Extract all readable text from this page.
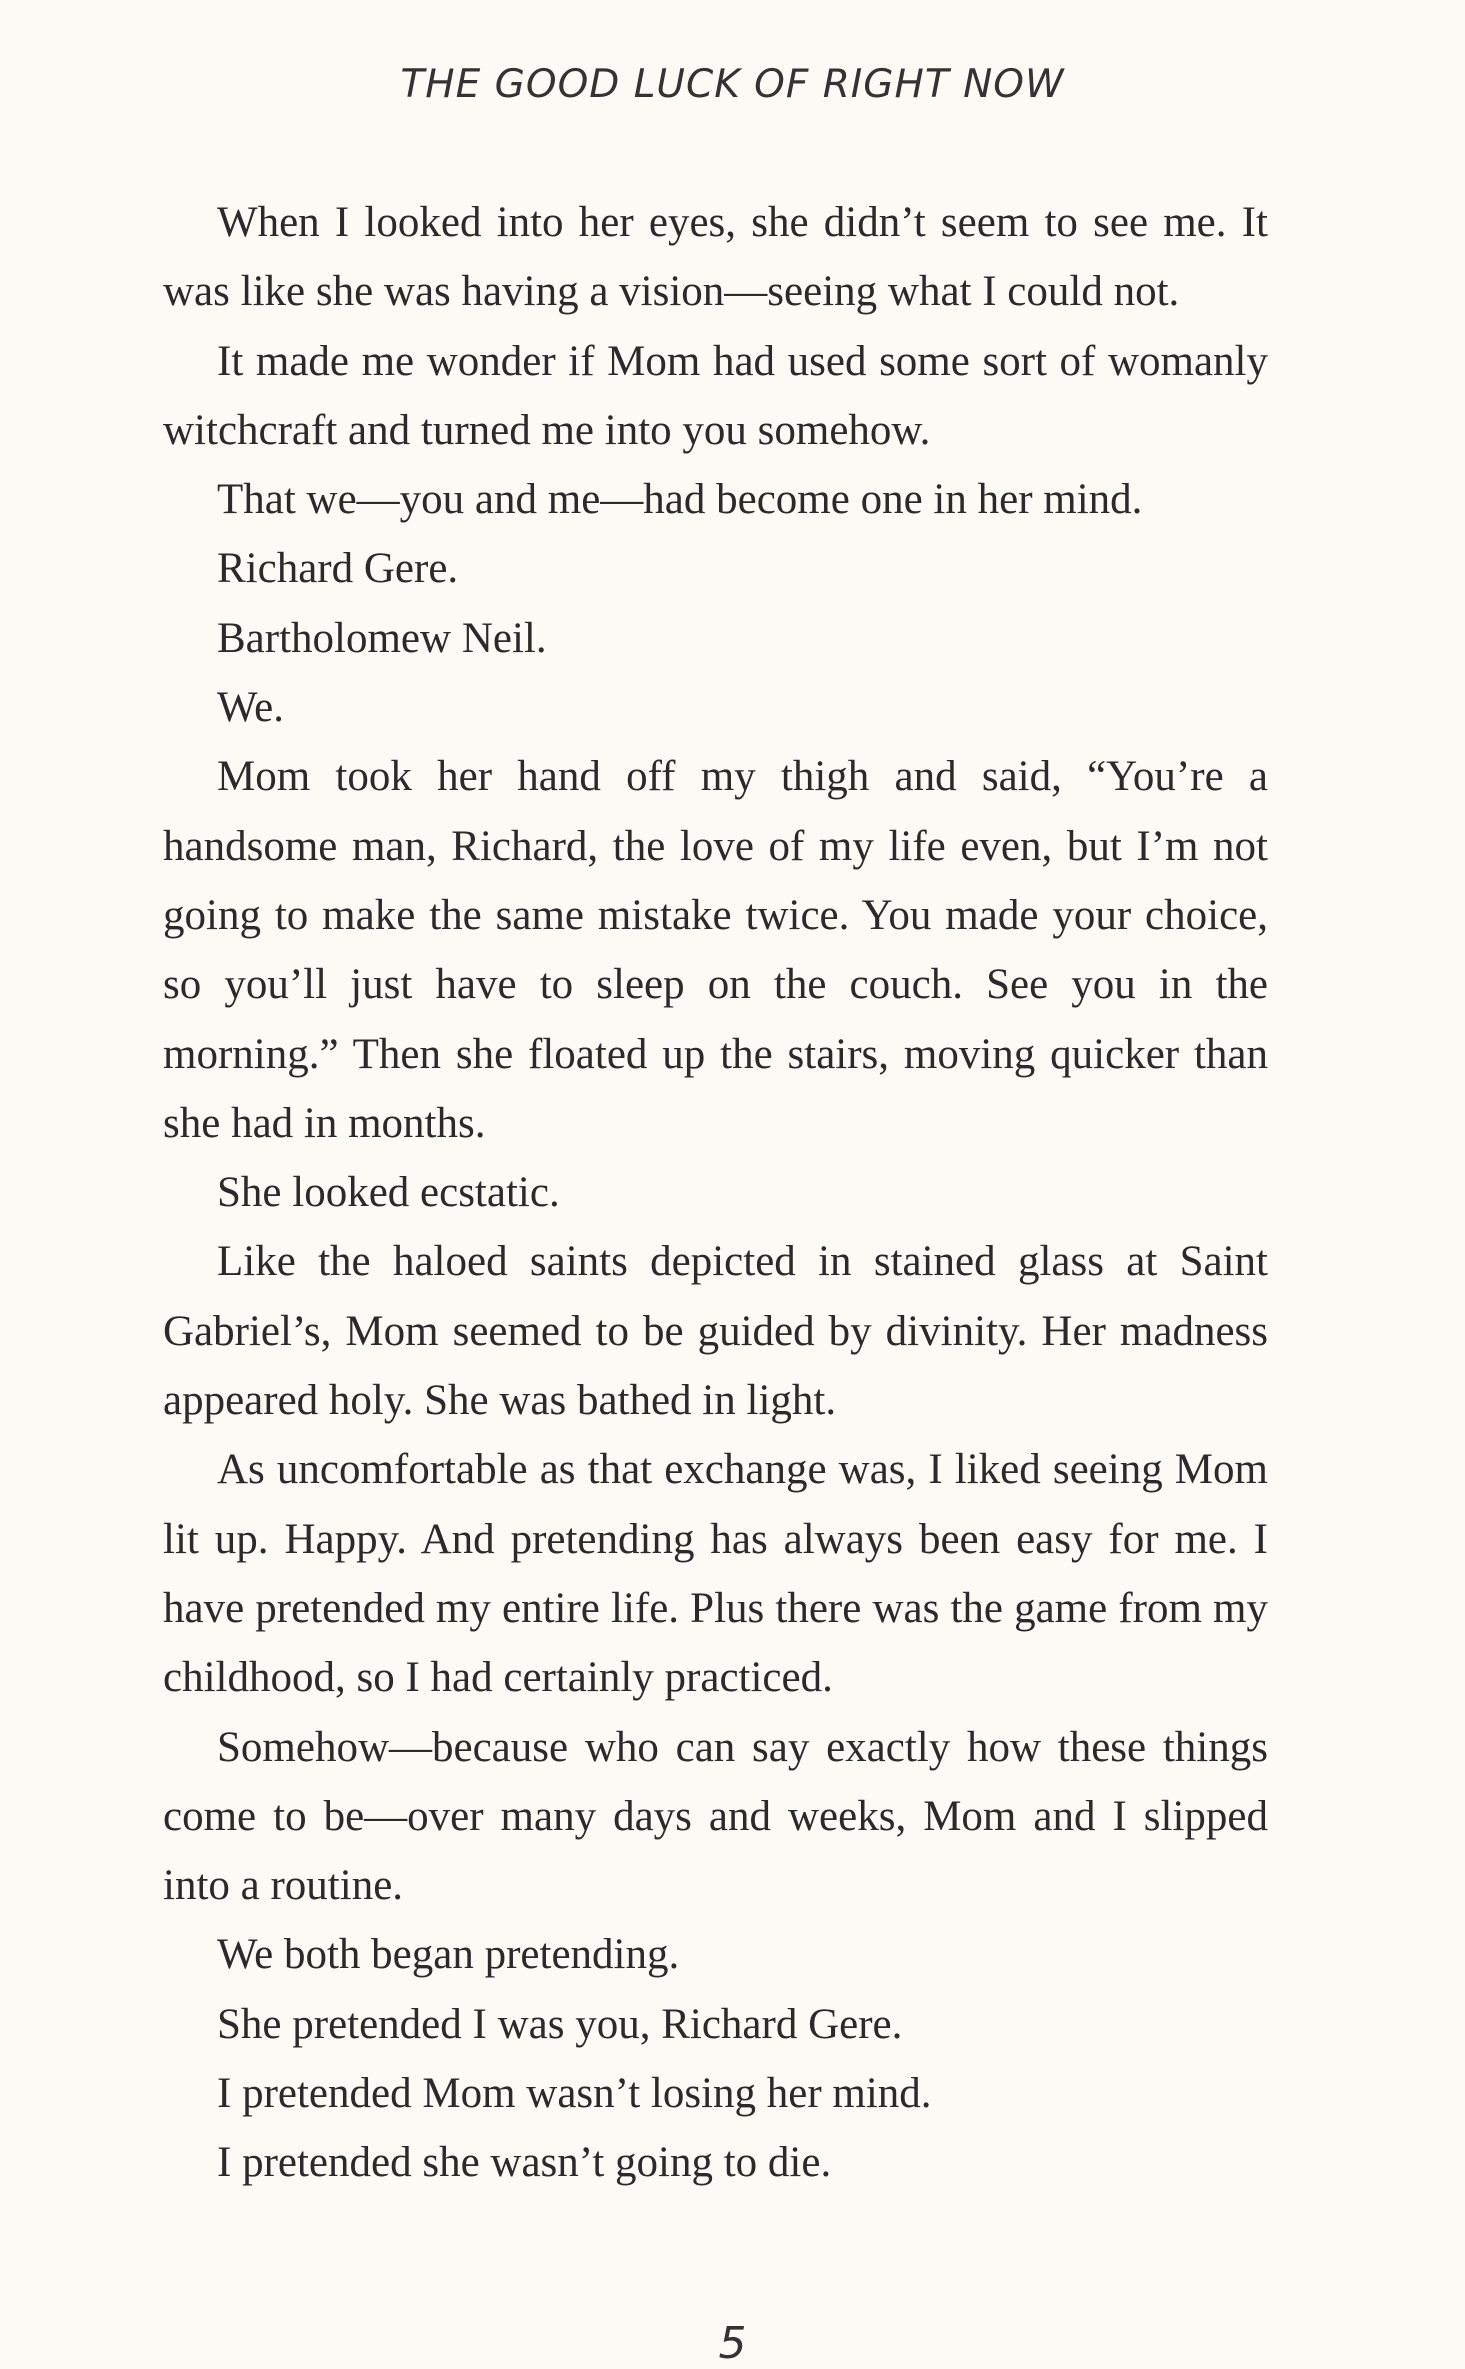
THE GOOD LUCK OF RIGHT NOW

When I looked into her eyes, she didn’t seem to see me. It was like she was having a vision—seeing what I could not.

It made me wonder if Mom had used some sort of womanly witchcraft and turned me into you somehow.

That we—you and me—had become one in her mind.

Richard Gere.

Bartholomew Neil.

We.

Mom took her hand off my thigh and said, “You’re a handsome man, Richard, the love of my life even, but I’m not going to make the same mistake twice. You made your choice, so you’ll just have to sleep on the couch. See you in the morning.” Then she floated up the stairs, moving quicker than she had in months.

She looked ecstatic.

Like the haloed saints depicted in stained glass at Saint Gabriel’s, Mom seemed to be guided by divinity. Her madness appeared holy. She was bathed in light.

As uncomfortable as that exchange was, I liked seeing Mom lit up. Happy. And pretending has always been easy for me. I have pretended my entire life. Plus there was the game from my childhood, so I had certainly practiced.

Somehow—because who can say exactly how these things come to be—over many days and weeks, Mom and I slipped into a routine.

We both began pretending.

She pretended I was you, Richard Gere.

I pretended Mom wasn’t losing her mind.

I pretended she wasn’t going to die.

5
